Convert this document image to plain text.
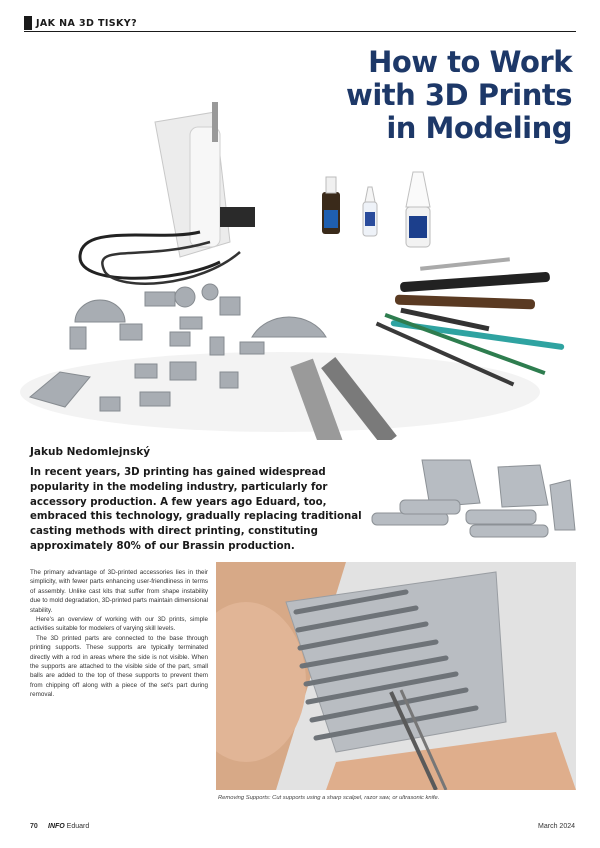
JAK NA 3D TISKY?
How to Work
with 3D Prints
in Modeling
Jakub Nedomlejnský

In recent years, 3D printing has gained widespread popularity in the modeling industry, particularly for accessory production. A few years ago Eduard, too, embraced this technology, gradually replacing traditional casting methods with direct printing, constituting approximately 80% of our Brassin production.

The primary advantage of 3D-printed accessories lies in their simplicity, with fewer parts enhancing user-friendliness in terms of assembly. Unlike cast kits that suffer from shape instability due to mold degradation, 3D-printed parts maintain dimensional stability.

Here's an overview of working with our 3D prints, simple activities suitable for modelers of varying skill levels.

The 3D printed parts are connected to the base through printing supports. These supports are typically terminated directly with a rod in areas where the side is not visible. When the supports are attached to the visible side of the part, small balls are added to the top of these supports to prevent them from chipping off along with a piece of the set's part during removal.

Removing Supports: Cut supports using a sharp scalpel, razor saw, or ultrasonic knife.
70 INFO Eduard	March 2024
